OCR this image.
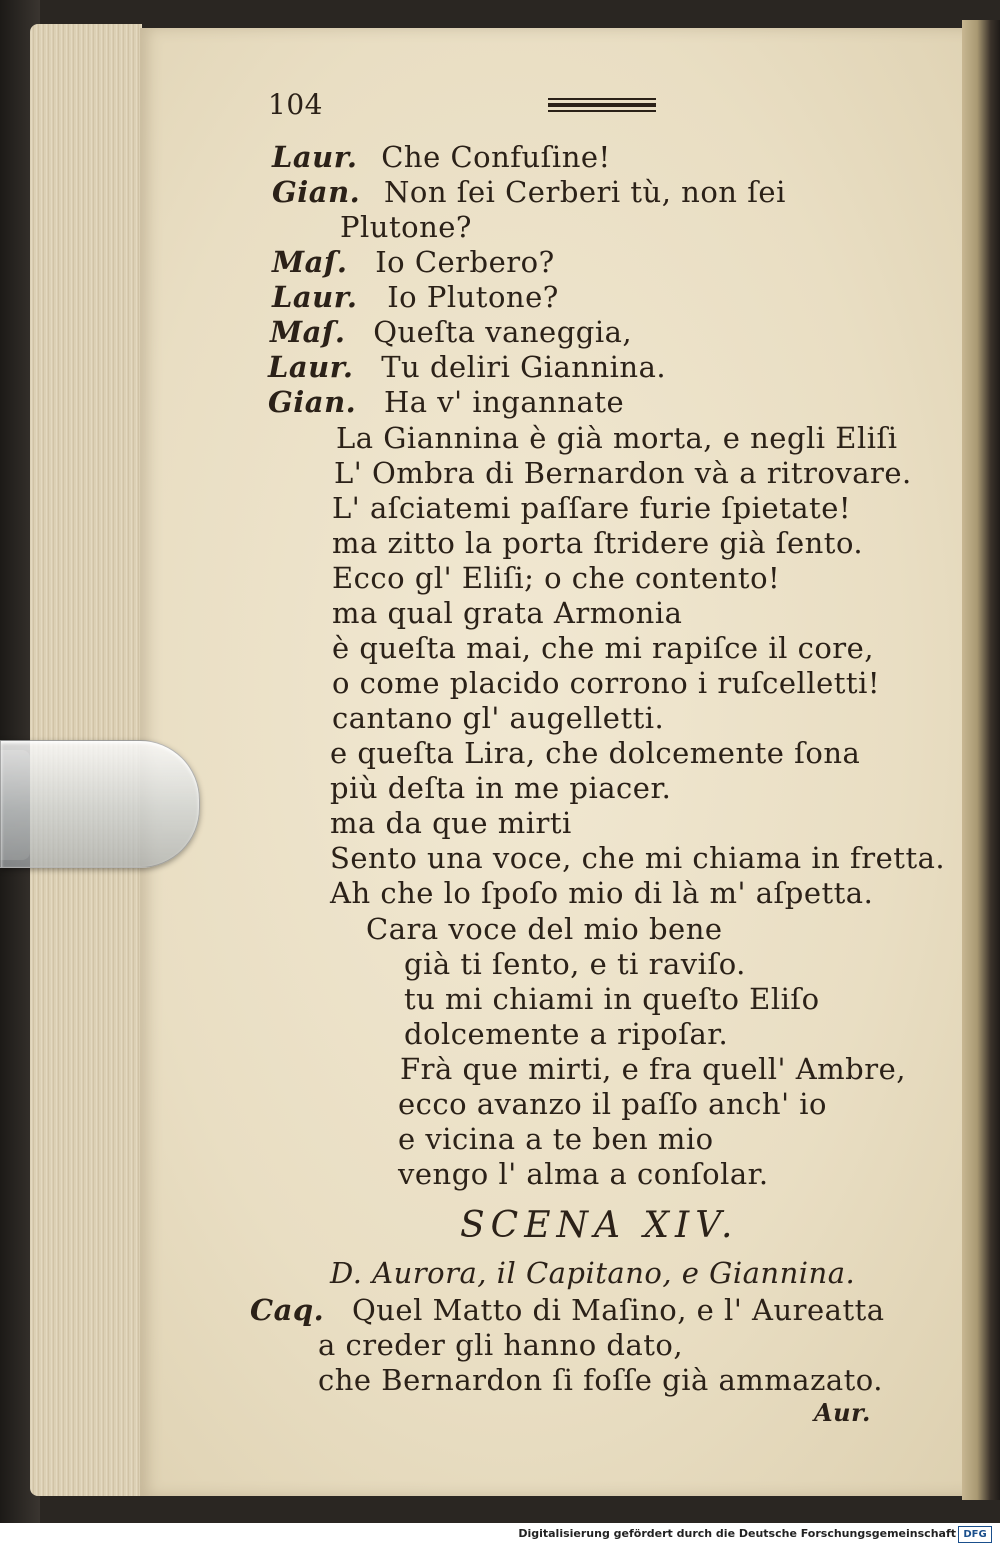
104
Laur. Che Confuſine!
Gian. Non ſei Cerberi tù, non ſei
Plutone?
Maſ. Io Cerbero?
Laur. Io Plutone?
Maſ. Queſta vaneggia,
Laur. Tu deliri Giannina.
Gian. Ha v' ingannate
La Giannina è già morta, e negli Eliſi
L' Ombra di Bernardon và a ritrovare.
L' aſciatemi paſſare furie ſpietate!
ma zitto la porta ſtridere già ſento.
Ecco gl' Eliſi; o che contento!
ma qual grata Armonia
è queſta mai, che mi rapiſce il core,
o come placido corrono i ruſcelletti!
cantano gl' augelletti.
e queſta Lira, che dolcemente ſona
più deſta in me piacer.
ma da que mirti
Sento una voce, che mi chiama in fretta.
Ah che lo ſpoſo mio di là m' aſpetta.
Cara voce del mio bene
già ti ſento, e ti raviſo.
tu mi chiami in queſto Eliſo
dolcemente a ripoſar.
Frà que mirti, e fra quell' Ambre,
ecco avanzo il paſſo anch' io
e vicina a te ben mio
vengo l' alma a conſolar.
SCENA XIV.
D. Aurora, il Capitano, e Giannina.
Caq. Quel Matto di Maſino, e l' Aureatta
a creder gli hanno dato,
che Bernardon ſi foſſe già ammazato.
Aur.
Digitalisierung gefördert durch die Deutsche Forschungsgemeinschaft DFG
